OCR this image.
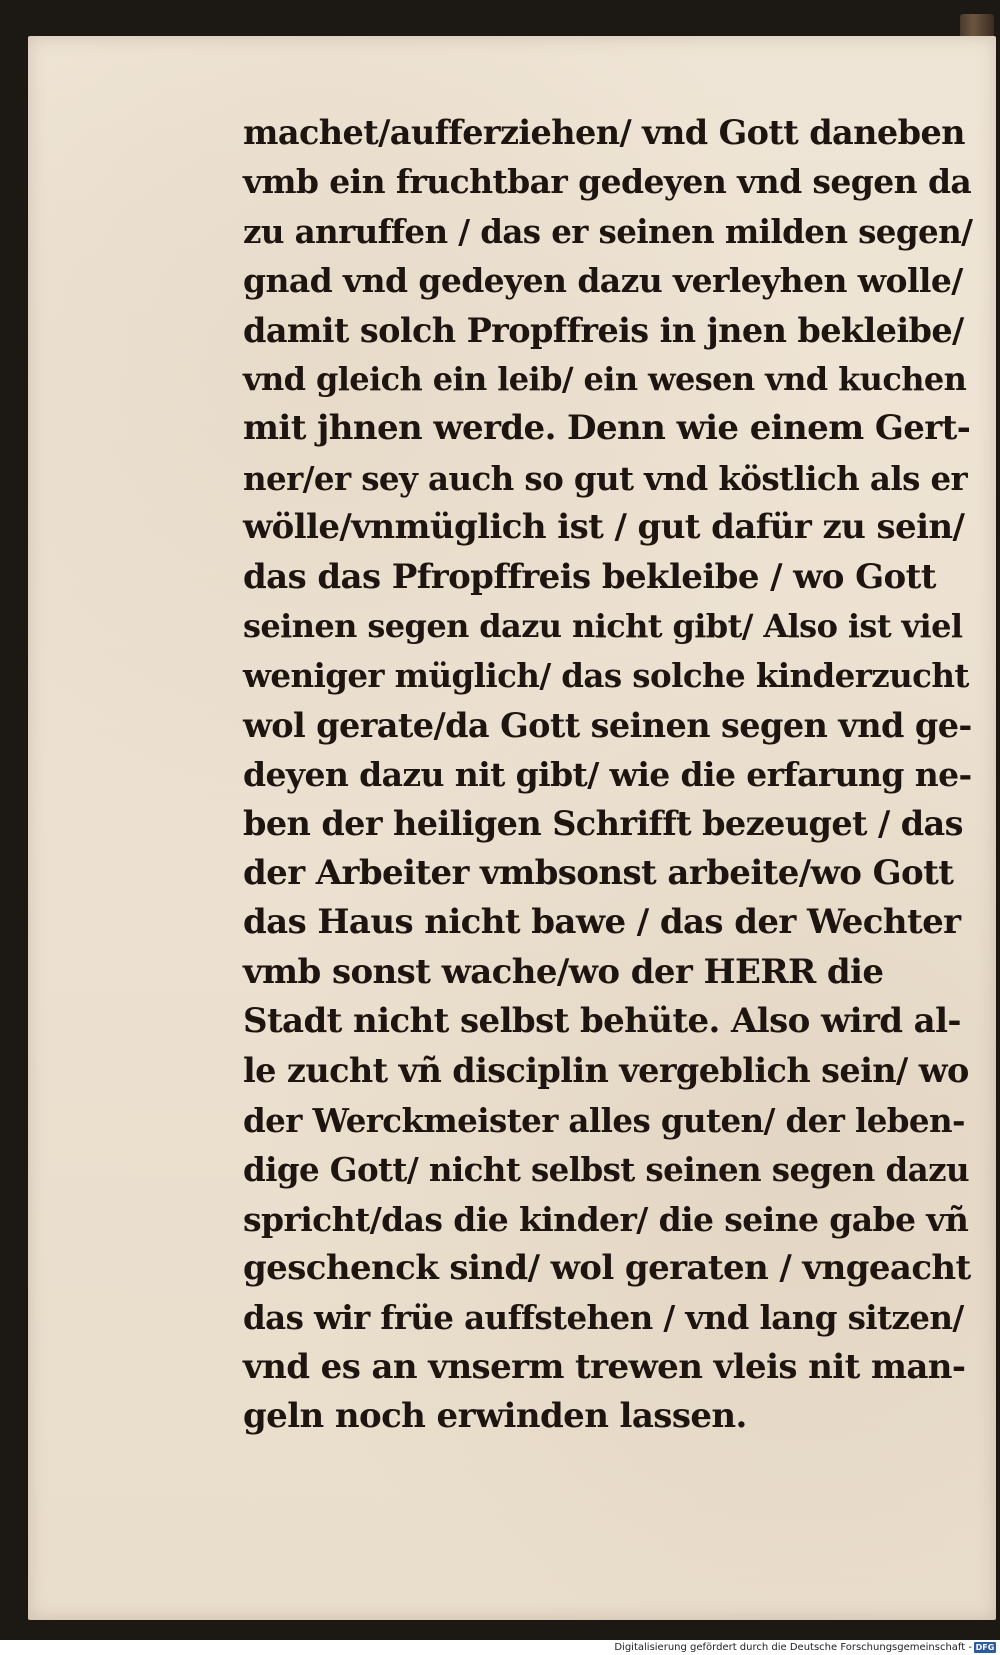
machet/aufferziehen/ vnd Gott daneben
vmb ein fruchtbar gedeyen vnd segen da
zu anruffen / das er seinen milden segen/
gnad vnd gedeyen dazu verleyhen wolle/
damit solch Propffreis in jnen bekleibe/
vnd gleich ein leib/ ein wesen vnd kuchen
mit jhnen werde. Denn wie einem Gert-
ner/er sey auch so gut vnd köstlich als er
wölle/vnmüglich ist / gut dafür zu sein/
das das Pfropffreis bekleibe / wo Gott
seinen segen dazu nicht gibt/ Also ist viel
weniger müglich/ das solche kinderzucht
wol gerate/da Gott seinen segen vnd ge-
deyen dazu nit gibt/ wie die erfarung ne-
ben der heiligen Schrifft bezeuget / das
der Arbeiter vmbsonst arbeite/wo Gott
das Haus nicht bawe / das der Wechter
vmb sonst wache/wo der HERR die
Stadt nicht selbst behüte. Also wird al-
le zucht vñ disciplin vergeblich sein/ wo
der Werckmeister alles guten/ der leben-
dige Gott/ nicht selbst seinen segen dazu
spricht/das die kinder/ die seine gabe vñ
geschenck sind/ wol geraten / vngeacht
das wir früe auffstehen / vnd lang sitzen/
vnd es an vnserm trewen vleis nit man-
geln noch erwinden lassen.
Digitalisierung gefördert durch die Deutsche Forschungsgemeinschaft - DFG
